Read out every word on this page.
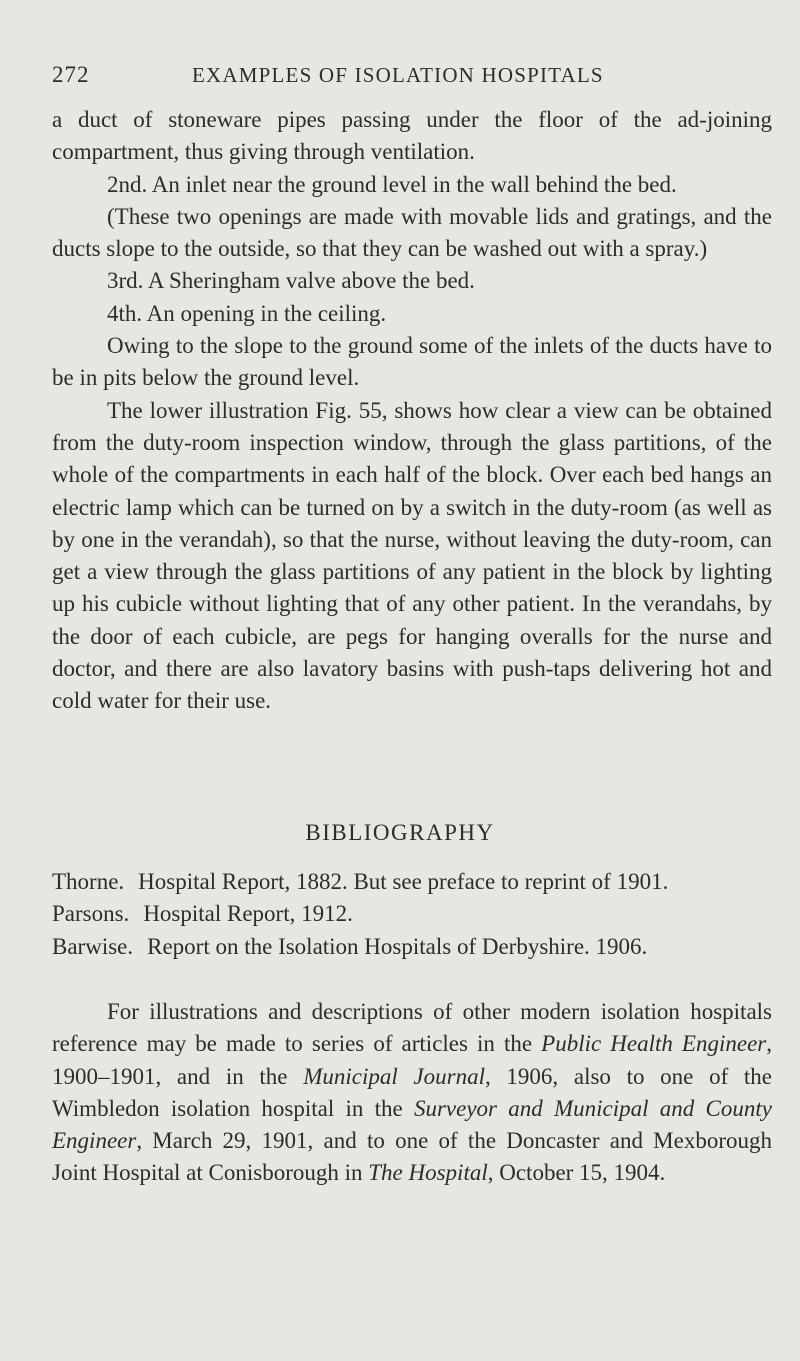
272	EXAMPLES OF ISOLATION HOSPITALS

a duct of stoneware pipes passing under the floor of the ad-joining compartment, thus giving through ventilation.

2nd. An inlet near the ground level in the wall behind the bed.

(These two openings are made with movable lids and gratings, and the ducts slope to the outside, so that they can be washed out with a spray.)

3rd. A Sheringham valve above the bed.

4th. An opening in the ceiling.

Owing to the slope to the ground some of the inlets of the ducts have to be in pits below the ground level.

The lower illustration Fig. 55, shows how clear a view can be obtained from the duty-room inspection window, through the glass partitions, of the whole of the compartments in each half of the block. Over each bed hangs an electric lamp which can be turned on by a switch in the duty-room (as well as by one in the verandah), so that the nurse, without leaving the duty-room, can get a view through the glass partitions of any patient in the block by lighting up his cubicle without lighting that of any other patient. In the verandahs, by the door of each cubicle, are pegs for hanging overalls for the nurse and doctor, and there are also lavatory basins with push-taps delivering hot and cold water for their use.

BIBLIOGRAPHY
Thorne. Hospital Report, 1882. But see preface to reprint of 1901.
Parsons. Hospital Report, 1912.
Barwise. Report on the Isolation Hospitals of Derbyshire. 1906.

For illustrations and descriptions of other modern isolation hospitals reference may be made to series of articles in the Public Health Engineer, 1900–1901, and in the Municipal Journal, 1906, also to one of the Wimbledon isolation hospital in the Surveyor and Municipal and County Engineer, March 29, 1901, and to one of the Doncaster and Mexborough Joint Hospital at Conisborough in The Hospital, October 15, 1904.
